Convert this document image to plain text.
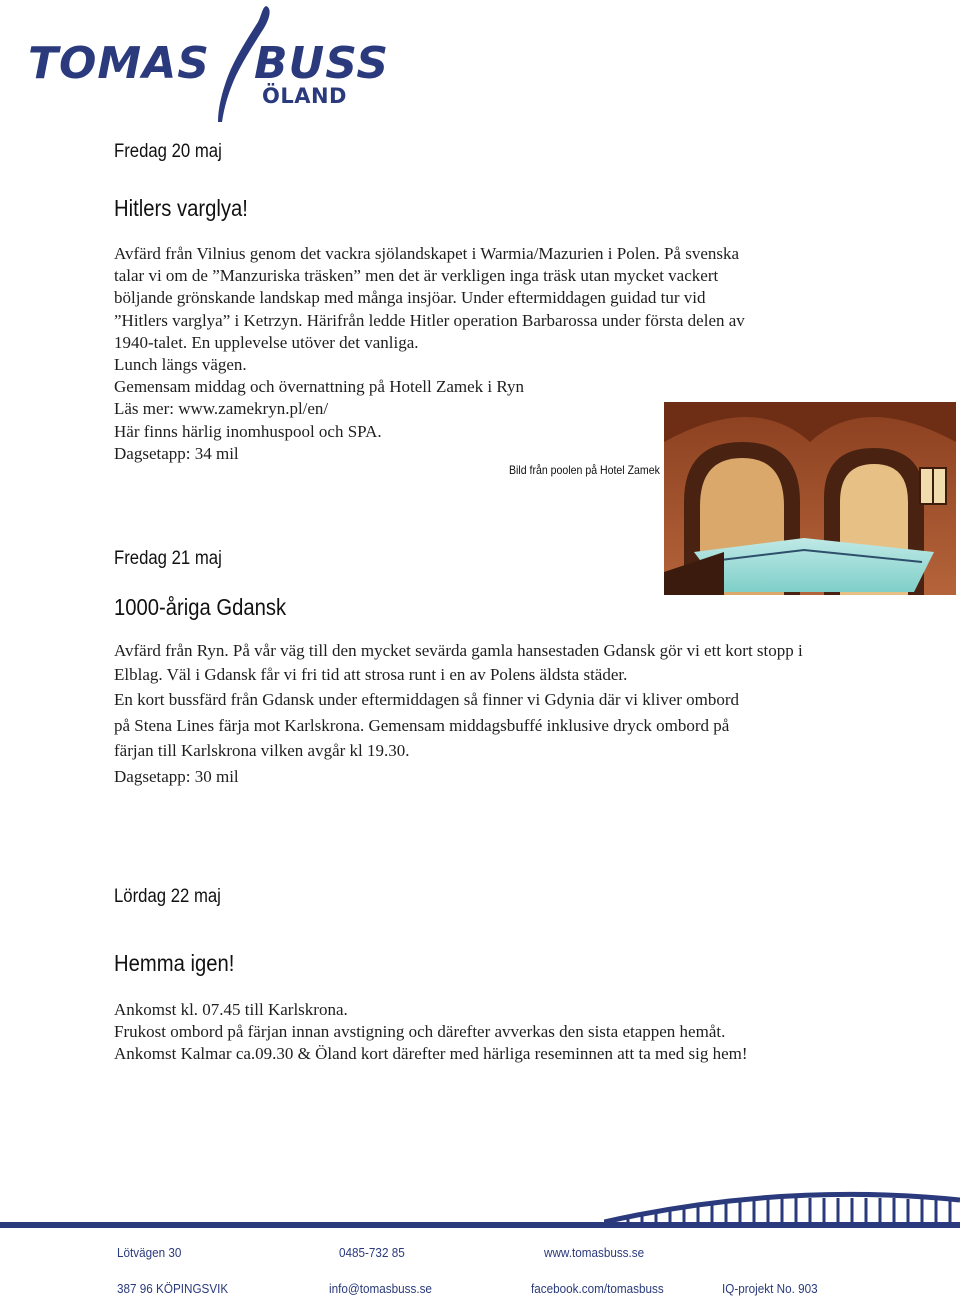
TOMAS BUSS
ÖLAND
Fredag 20 maj
Hitlers varglya!
Avfärd från Vilnius genom det vackra sjölandskapet i Warmia/Mazurien i Polen. På svenska
talar vi om de ”Manzuriska träsken” men det är verkligen inga träsk utan mycket vackert
böljande grönskande landskap med många insjöar. Under eftermiddagen guidad tur vid
”Hitlers varglya” i Ketrzyn. Härifrån ledde Hitler operation Barbarossa under första delen av
1940-talet. En upplevelse utöver det vanliga.
Lunch längs vägen.
Gemensam middag och övernattning på Hotell Zamek i Ryn
Läs mer: www.zamekryn.pl/en/
Här finns härlig inomhuspool och SPA.
Dagsetapp: 34 mil
Bild från poolen på Hotel Zamek
Fredag 21 maj
1000-åriga Gdansk
Avfärd från Ryn. På vår väg till den mycket sevärda gamla hansestaden Gdansk gör vi ett kort stopp i
Elblag. Väl i Gdansk får vi fri tid att strosa runt i en av Polens äldsta städer.
En kort bussfärd från Gdansk under eftermiddagen så finner vi Gdynia där vi kliver ombord
på Stena Lines färja mot Karlskrona. Gemensam middagsbuffé inklusive dryck ombord på
färjan till Karlskrona vilken avgår kl 19.30.
Dagsetapp: 30 mil
Lördag 22 maj
Hemma igen!
Ankomst kl. 07.45 till Karlskrona.
Frukost ombord på färjan innan avstigning och därefter avverkas den sista etappen hemåt.
Ankomst Kalmar ca.09.30 & Öland kort därefter med härliga reseminnen att ta med sig hem!
Lötvägen 30	0485-732 85	www.tomasbuss.se
387 96 KÖPINGSVIK	info@tomasbuss.se	facebook.com/tomasbuss	IQ-projekt No. 903
